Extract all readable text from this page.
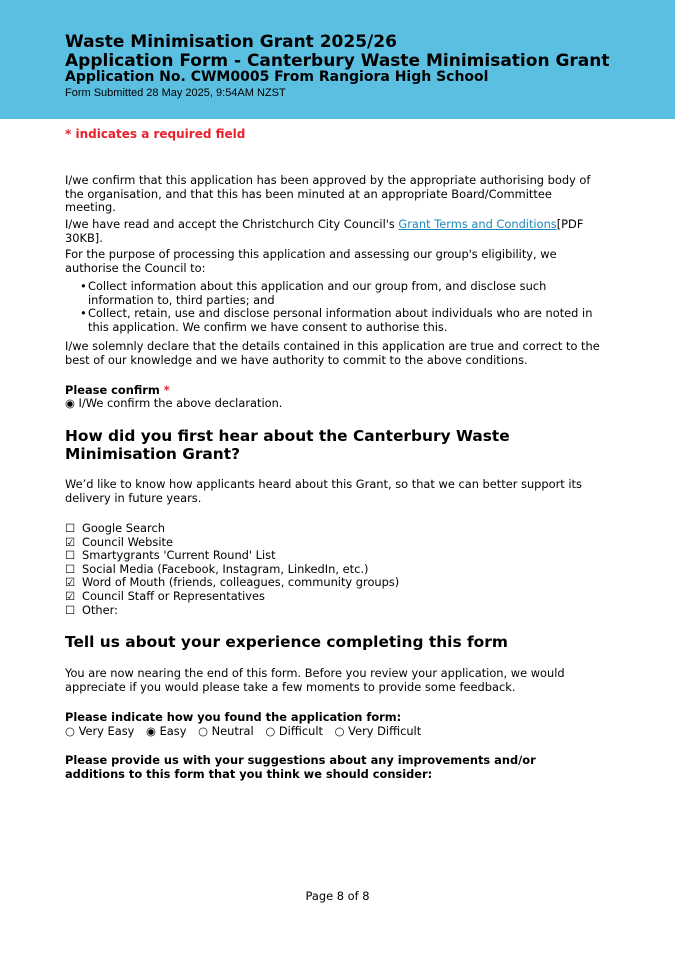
Waste Minimisation Grant 2025/26
Application Form - Canterbury Waste Minimisation Grant
Application No. CWM0005 From Rangiora High School
Form Submitted 28 May 2025, 9:54AM NZST
* indicates a required field

I/we confirm that this application has been approved by the appropriate authorising body of the organisation, and that this has been minuted at an appropriate Board/Committee meeting.

I/we have read and accept the Christchurch City Council's Grant Terms and Conditions[PDF 30KB].

For the purpose of processing this application and assessing our group's eligibility, we authorise the Council to:

• Collect information about this application and our group from, and disclose such information to, third parties; and
• Collect, retain, use and disclose personal information about individuals who are noted in this application. We confirm we have consent to authorise this.

I/we solemnly declare that the details contained in this application are true and correct to the best of our knowledge and we have authority to commit to the above conditions.

Please confirm *
◉ I/We confirm the above declaration.
How did you first hear about the Canterbury Waste Minimisation Grant?

We’d like to know how applicants heard about this Grant, so that we can better support its delivery in future years.

☐ Google Search
☑ Council Website
☐ Smartygrants 'Current Round' List
☐ Social Media (Facebook, Instagram, LinkedIn, etc.)
☑ Word of Mouth (friends, colleagues, community groups)
☑ Council Staff or Representatives
☐ Other:
Tell us about your experience completing this form

You are now nearing the end of this form. Before you review your application, we would appreciate if you would please take a few moments to provide some feedback.

Please indicate how you found the application form:
○ Very Easy ◉ Easy ○ Neutral ○ Difficult ○ Very Difficult
Please provide us with your suggestions about any improvements and/or additions to this form that you think we should consider:
Page 8 of 8
